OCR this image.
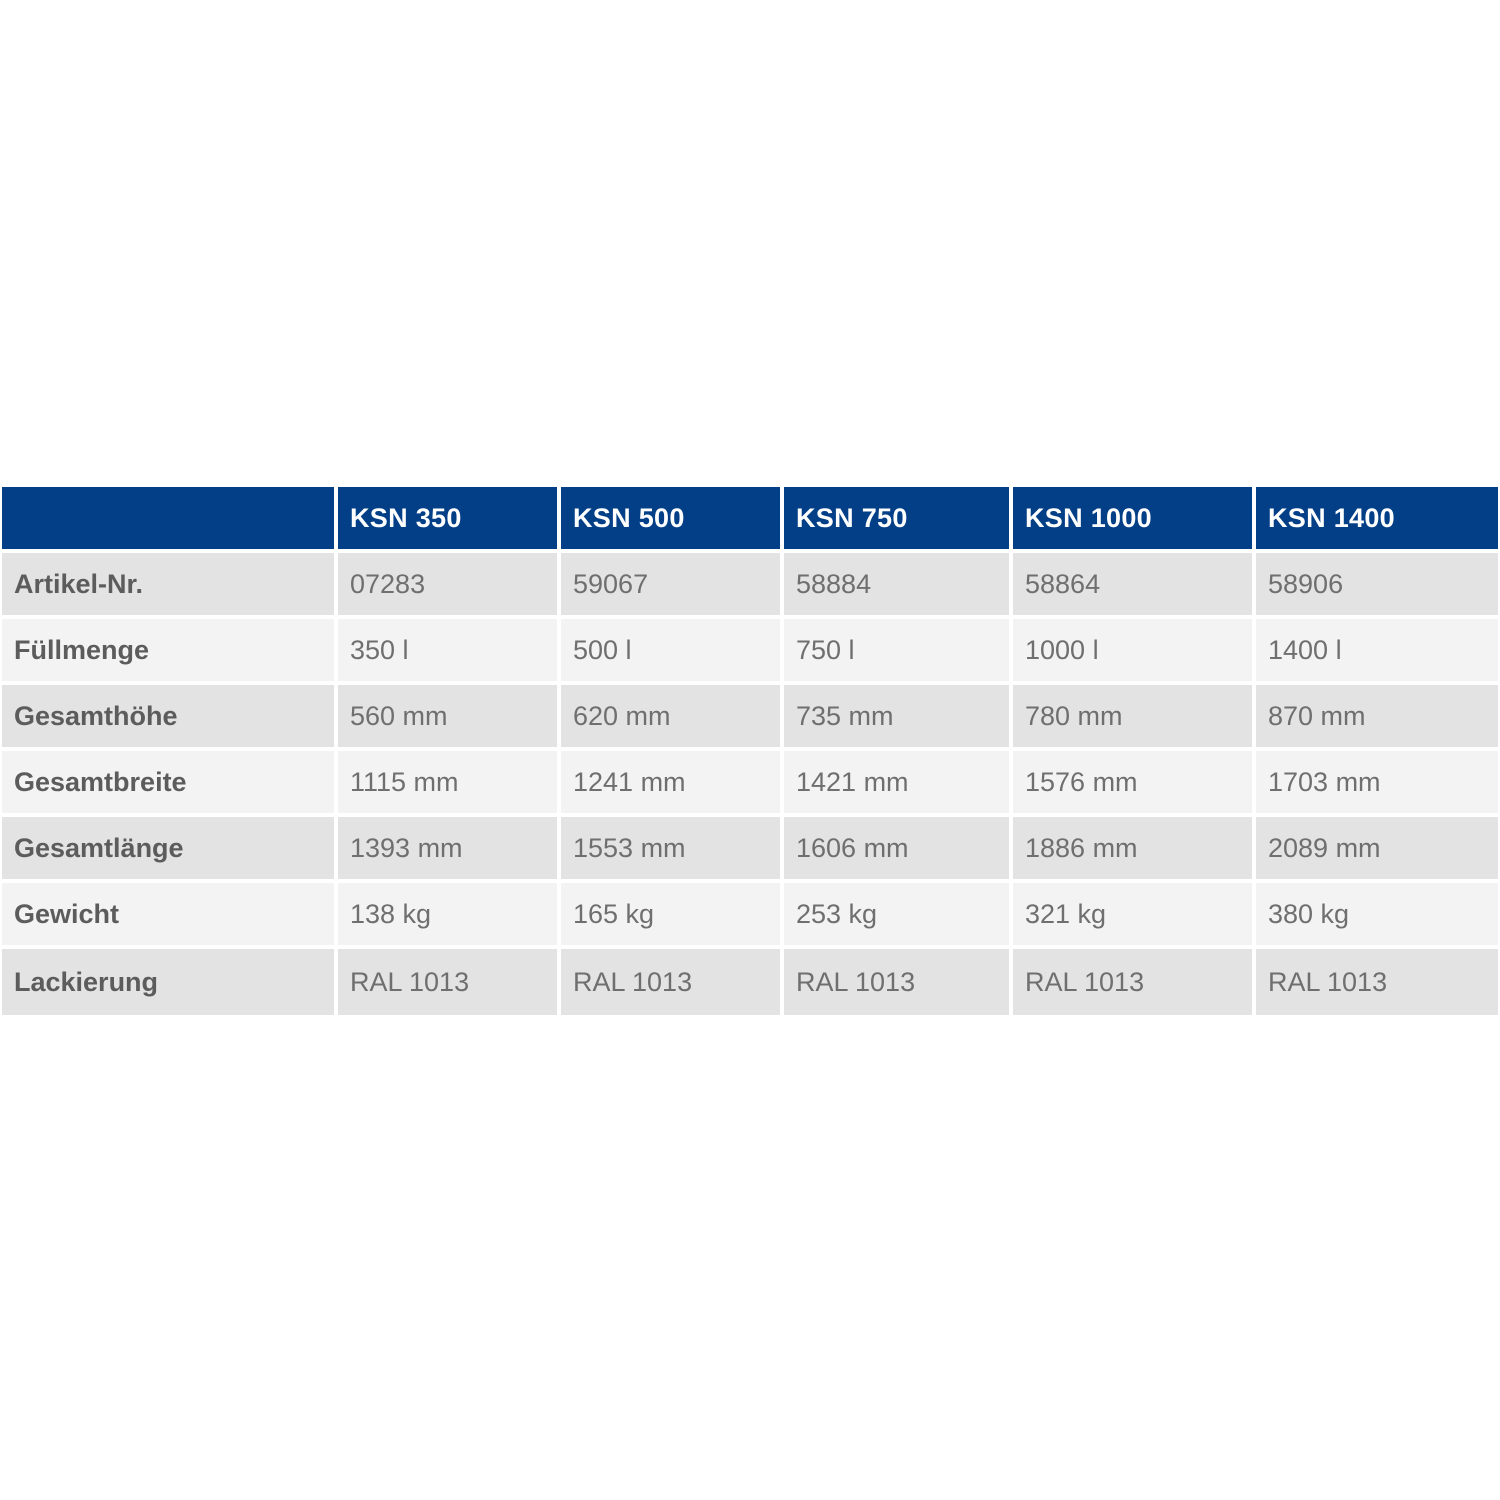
	KSN 350	KSN 500	KSN 750	KSN 1000	KSN 1400
Artikel-Nr.	07283	59067	58884	58864	58906
Füllmenge	350 l	500 l	750 l	1000 l	1400 l
Gesamthöhe	560 mm	620 mm	735 mm	780 mm	870 mm
Gesamtbreite	1115 mm	1241 mm	1421 mm	1576 mm	1703 mm
Gesamtlänge	1393 mm	1553 mm	1606 mm	1886 mm	2089 mm
Gewicht	138 kg	165 kg	253 kg	321 kg	380 kg
Lackierung	RAL 1013	RAL 1013	RAL 1013	RAL 1013	RAL 1013
